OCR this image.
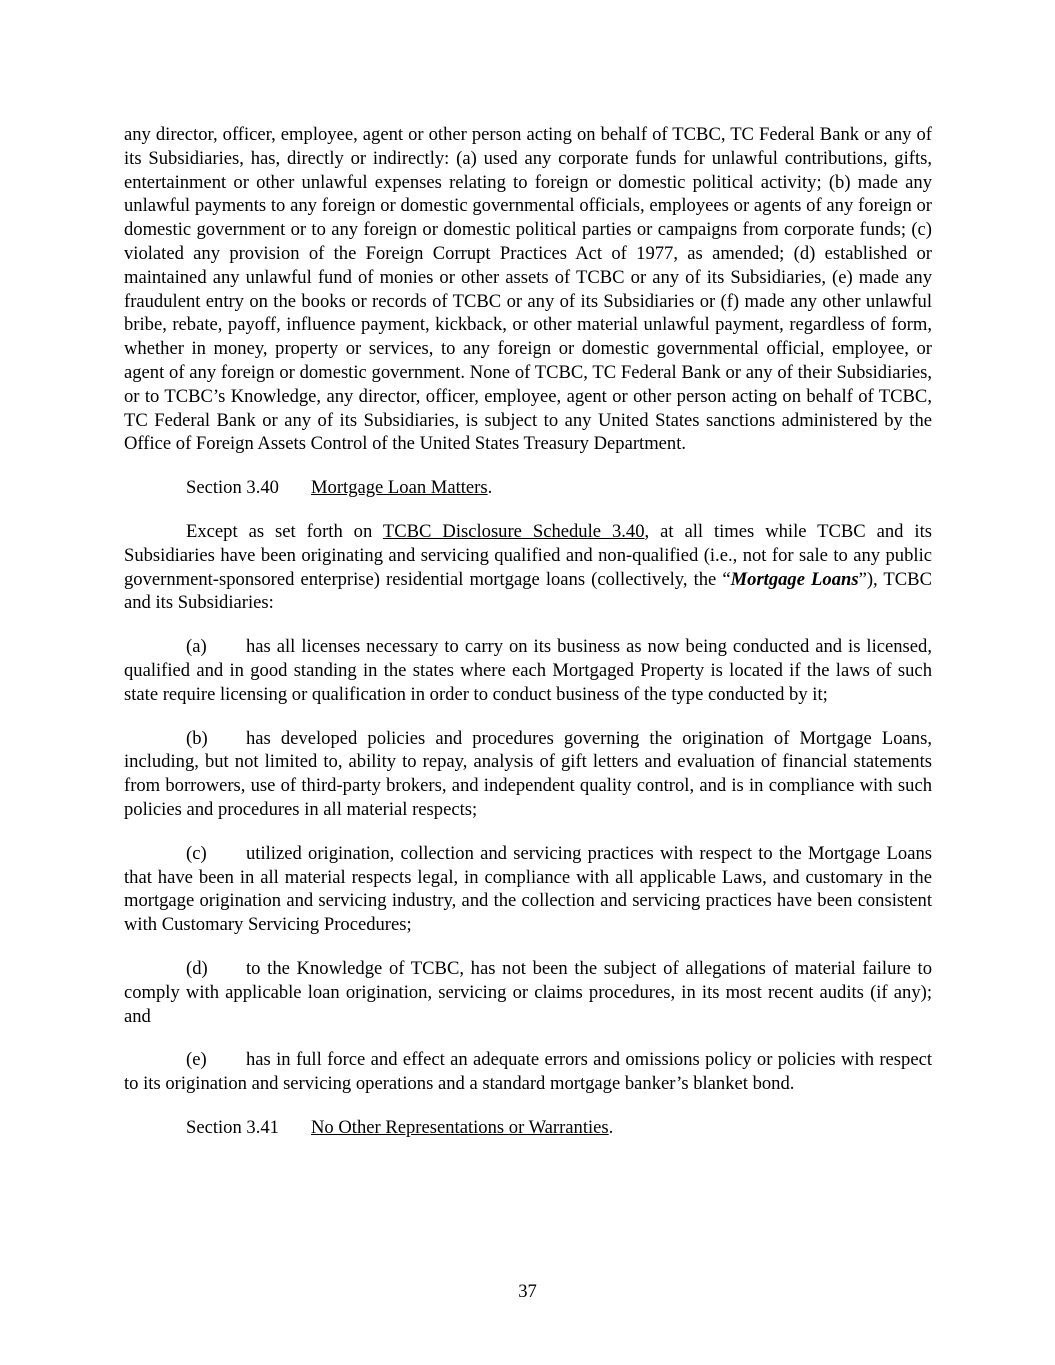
any director, officer, employee, agent or other person acting on behalf of TCBC, TC Federal Bank or any of its Subsidiaries, has, directly or indirectly: (a) used any corporate funds for unlawful contributions, gifts, entertainment or other unlawful expenses relating to foreign or domestic political activity; (b) made any unlawful payments to any foreign or domestic governmental officials, employees or agents of any foreign or domestic government or to any foreign or domestic political parties or campaigns from corporate funds; (c) violated any provision of the Foreign Corrupt Practices Act of 1977, as amended; (d) established or maintained any unlawful fund of monies or other assets of TCBC or any of its Subsidiaries, (e) made any fraudulent entry on the books or records of TCBC or any of its Subsidiaries or (f) made any other unlawful bribe, rebate, payoff, influence payment, kickback, or other material unlawful payment, regardless of form, whether in money, property or services, to any foreign or domestic governmental official, employee, or agent of any foreign or domestic government. None of TCBC, TC Federal Bank or any of their Subsidiaries, or to TCBC’s Knowledge, any director, officer, employee, agent or other person acting on behalf of TCBC, TC Federal Bank or any of its Subsidiaries, is subject to any United States sanctions administered by the Office of Foreign Assets Control of the United States Treasury Department.

Section 3.40 Mortgage Loan Matters.

Except as set forth on TCBC Disclosure Schedule 3.40, at all times while TCBC and its Subsidiaries have been originating and servicing qualified and non-qualified (i.e., not for sale to any public government-sponsored enterprise) residential mortgage loans (collectively, the “Mortgage Loans”), TCBC and its Subsidiaries:

(a) has all licenses necessary to carry on its business as now being conducted and is licensed, qualified and in good standing in the states where each Mortgaged Property is located if the laws of such state require licensing or qualification in order to conduct business of the type conducted by it;

(b) has developed policies and procedures governing the origination of Mortgage Loans, including, but not limited to, ability to repay, analysis of gift letters and evaluation of financial statements from borrowers, use of third-party brokers, and independent quality control, and is in compliance with such policies and procedures in all material respects;

(c) utilized origination, collection and servicing practices with respect to the Mortgage Loans that have been in all material respects legal, in compliance with all applicable Laws, and customary in the mortgage origination and servicing industry, and the collection and servicing practices have been consistent with Customary Servicing Procedures;

(d) to the Knowledge of TCBC, has not been the subject of allegations of material failure to comply with applicable loan origination, servicing or claims procedures, in its most recent audits (if any); and

(e) has in full force and effect an adequate errors and omissions policy or policies with respect to its origination and servicing operations and a standard mortgage banker’s blanket bond.

Section 3.41 No Other Representations or Warranties.

37
